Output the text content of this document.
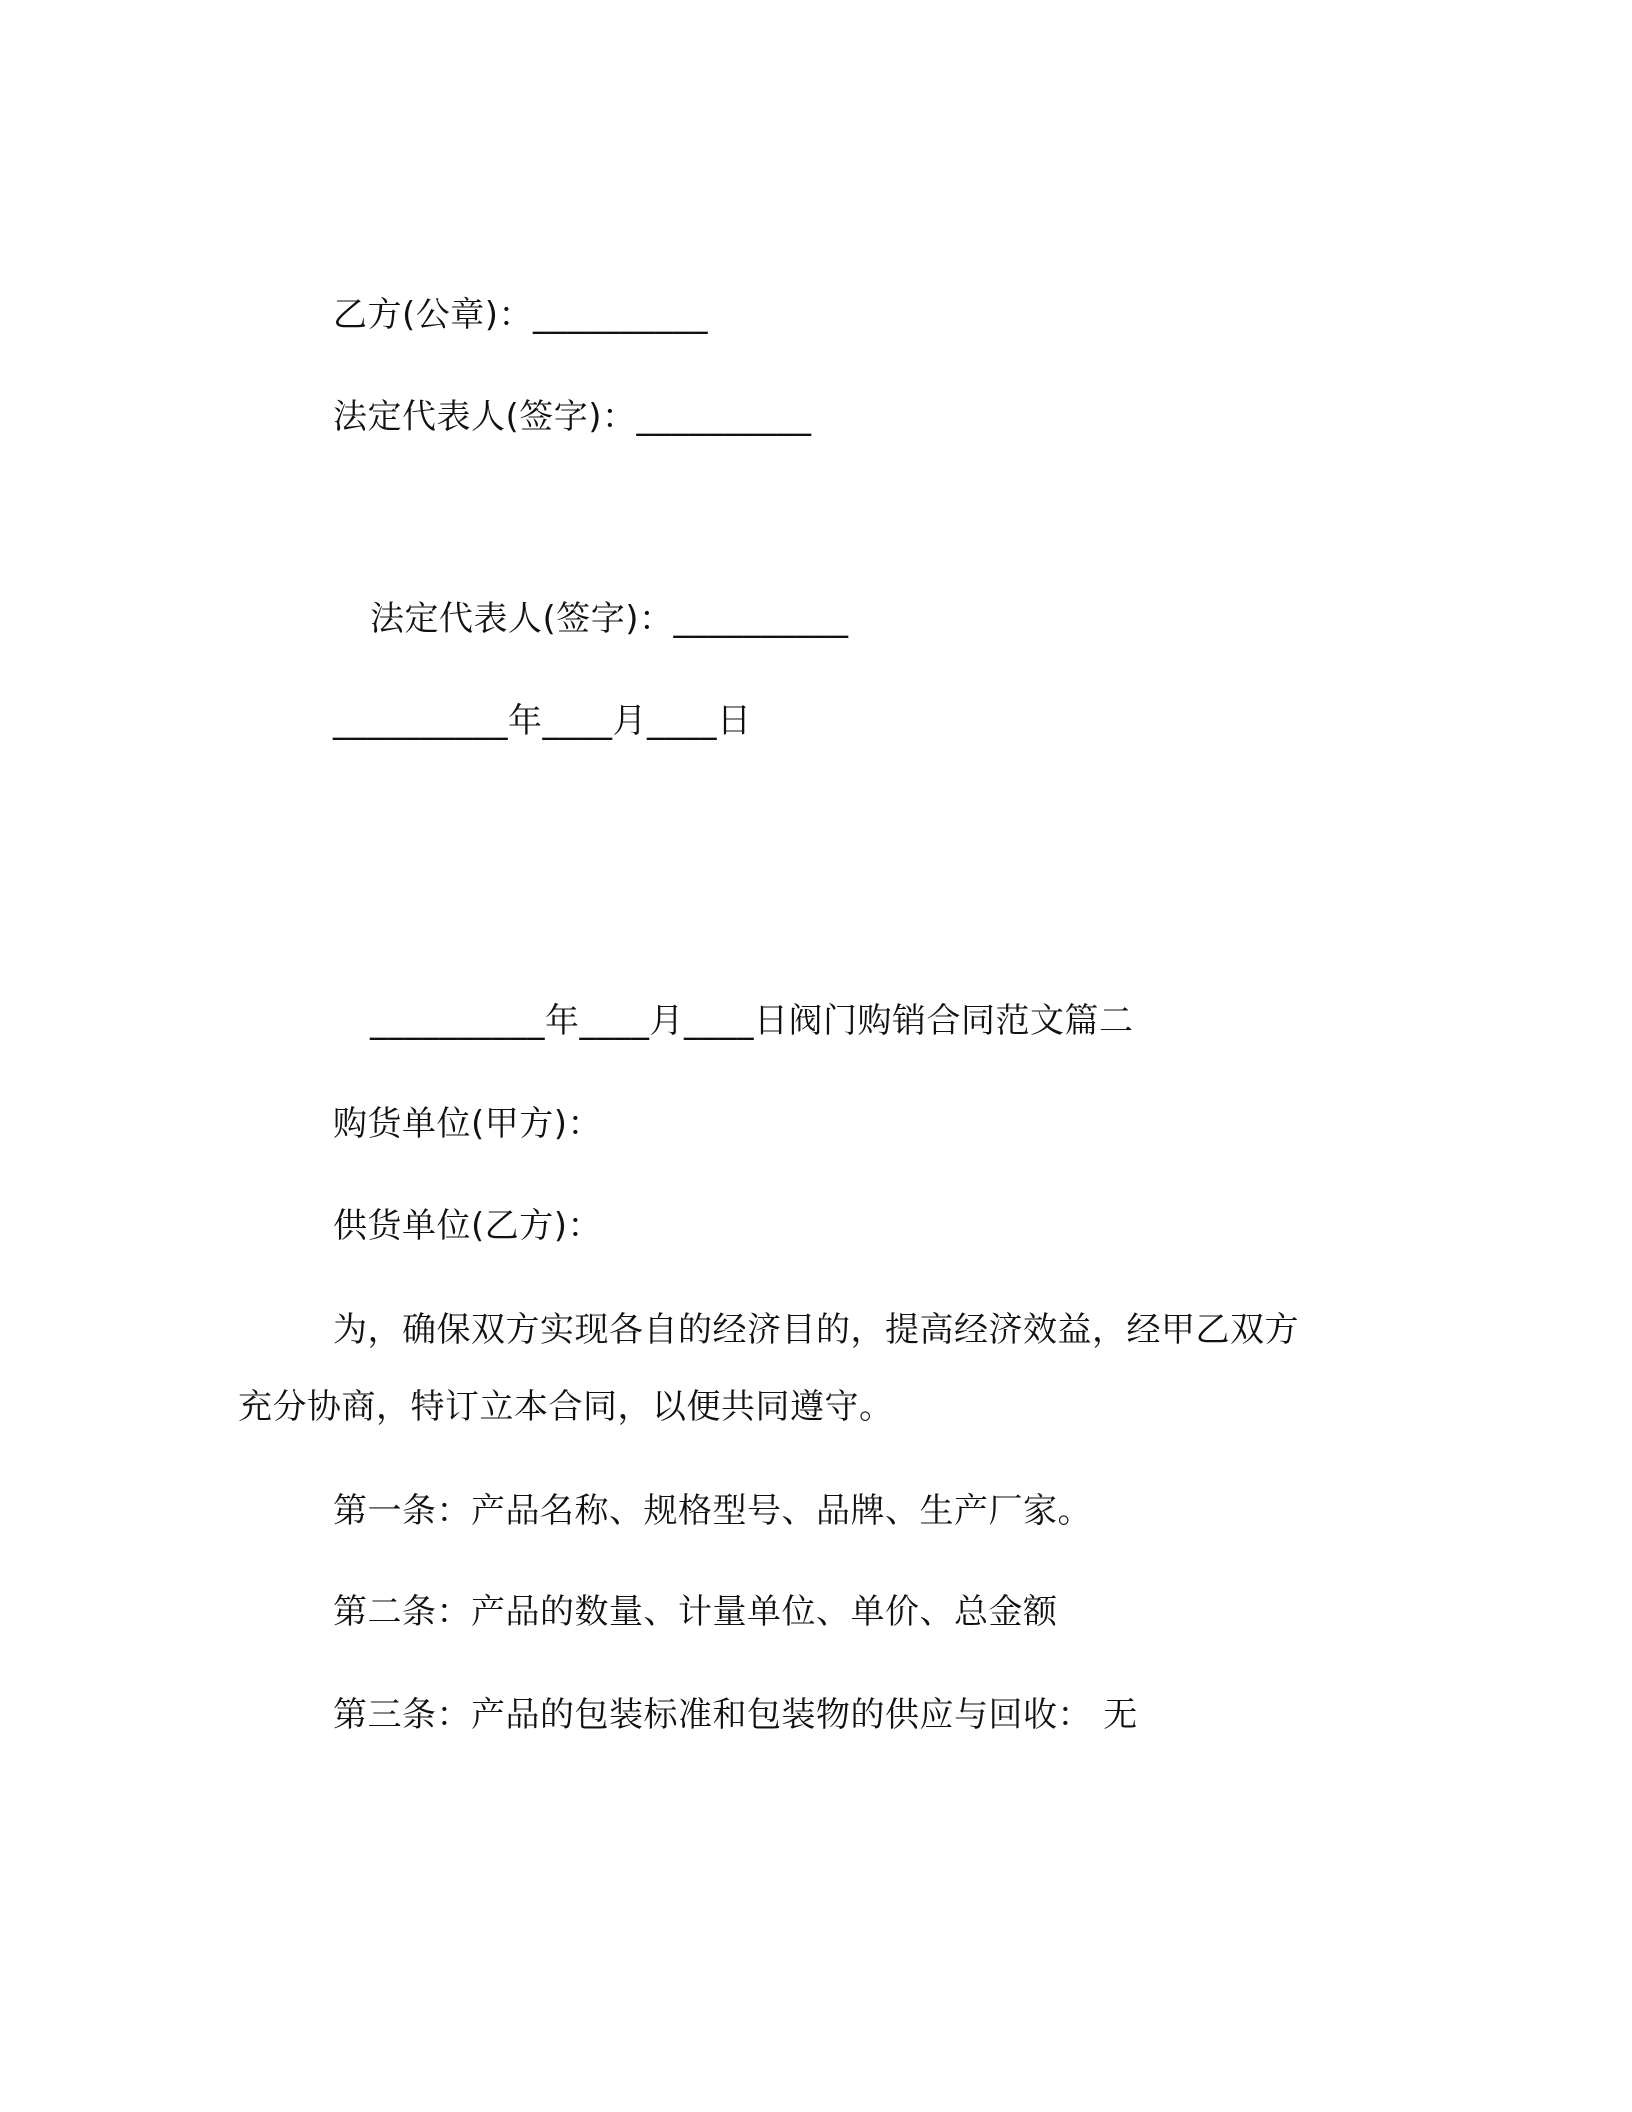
乙方(公章)：__________
法定代表人(签字)：__________
法定代表人(签字)：__________
__________年____月____日
__________年____月____日阀门购销合同范文篇二
购货单位(甲方)：
供货单位(乙方)：
为，确保双方实现各自的经济目的，提高经济效益，经甲乙双方
充分协商，特订立本合同，以便共同遵守。
第一条：产品名称、规格型号、品牌、生产厂家。
第二条：产品的数量、计量单位、单价、总金额
第三条：产品的包装标准和包装物的供应与回收： 无
